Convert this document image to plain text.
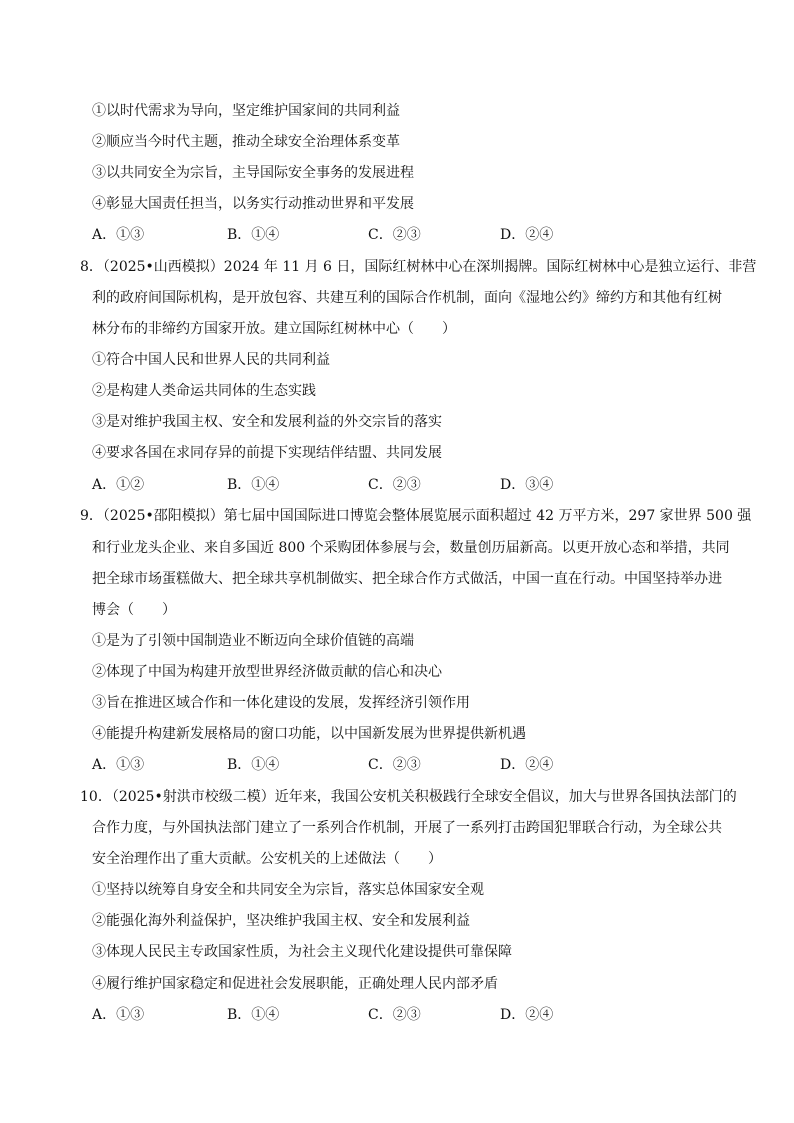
①以时代需求为导向，坚定维护国家间的共同利益
②顺应当今时代主题，推动全球安全治理体系变革
③以共同安全为宗旨，主导国际安全事务的发展进程
④彰显大国责任担当，以务实行动推动世界和平发展
A．①③	B．①④	C．②③	D．②④
8．（2025•山西模拟）2024 年 11 月 6 日，国际红树林中心在深圳揭牌。国际红树林中心是独立运行、非营
利的政府间国际机构，是开放包容、共建互利的国际合作机制，面向《湿地公约》缔约方和其他有红树
林分布的非缔约方国家开放。建立国际红树林中心（　　）
①符合中国人民和世界人民的共同利益
②是构建人类命运共同体的生态实践
③是对维护我国主权、安全和发展利益的外交宗旨的落实
④要求各国在求同存异的前提下实现结伴结盟、共同发展
A．①②	B．①④	C．②③	D．③④
9．（2025•邵阳模拟）第七届中国国际进口博览会整体展览展示面积超过 42 万平方米，297 家世界 500 强
和行业龙头企业、来自多国近 800 个采购团体参展与会，数量创历届新高。以更开放心态和举措，共同
把全球市场蛋糕做大、把全球共享机制做实、把全球合作方式做活，中国一直在行动。中国坚持举办进
博会（　　）
①是为了引领中国制造业不断迈向全球价值链的高端
②体现了中国为构建开放型世界经济做贡献的信心和决心
③旨在推进区域合作和一体化建设的发展，发挥经济引领作用
④能提升构建新发展格局的窗口功能，以中国新发展为世界提供新机遇
A．①③	B．①④	C．②③	D．②④
10．（2025•射洪市校级二模）近年来，我国公安机关积极践行全球安全倡议，加大与世界各国执法部门的
合作力度，与外国执法部门建立了一系列合作机制，开展了一系列打击跨国犯罪联合行动，为全球公共
安全治理作出了重大贡献。公安机关的上述做法（　　）
①坚持以统筹自身安全和共同安全为宗旨，落实总体国家安全观
②能强化海外利益保护，坚决维护我国主权、安全和发展利益
③体现人民民主专政国家性质，为社会主义现代化建设提供可靠保障
④履行维护国家稳定和促进社会发展职能，正确处理人民内部矛盾
A．①③	B．①④	C．②③	D．②④
